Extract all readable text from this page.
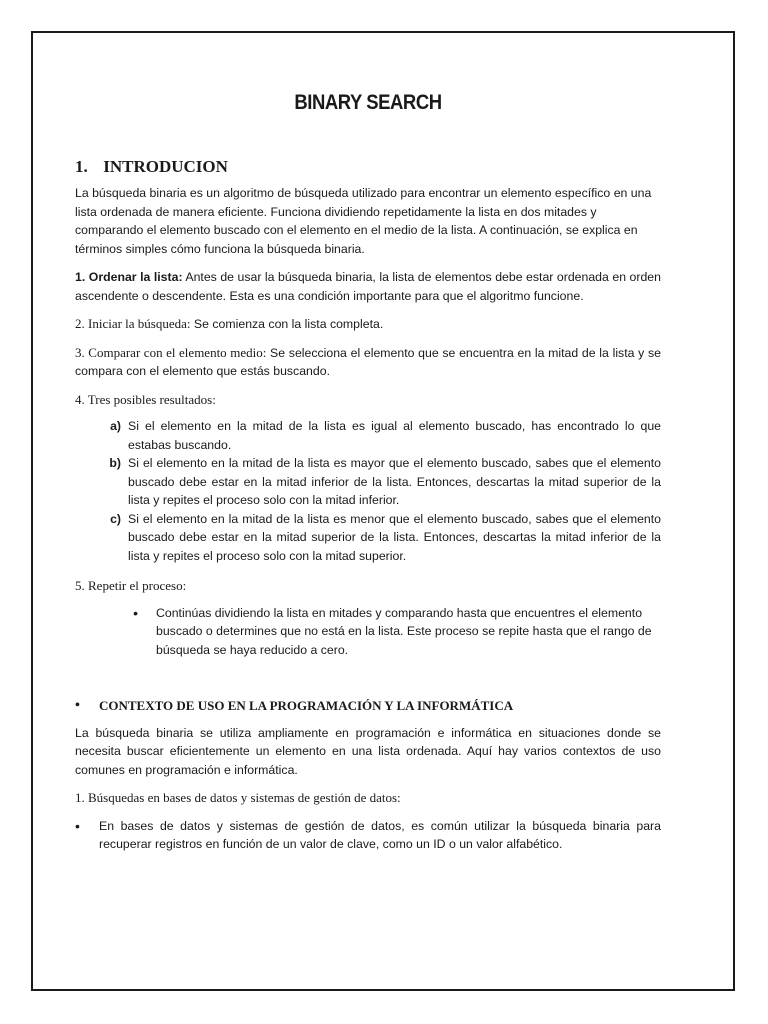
BINARY SEARCH
1. INTRODUCION

La búsqueda binaria es un algoritmo de búsqueda utilizado para encontrar un elemento específico en una lista ordenada de manera eficiente. Funciona dividiendo repetidamente la lista en dos mitades y comparando el elemento buscado con el elemento en el medio de la lista. A continuación, se explica en términos simples cómo funciona la búsqueda binaria.

1. Ordenar la lista: Antes de usar la búsqueda binaria, la lista de elementos debe estar ordenada en orden ascendente o descendente. Esta es una condición importante para que el algoritmo funcione.

2. Iniciar la búsqueda: Se comienza con la lista completa.

3. Comparar con el elemento medio: Se selecciona el elemento que se encuentra en la mitad de la lista y se compara con el elemento que estás buscando.

4. Tres posibles resultados:

a) Si el elemento en la mitad de la lista es igual al elemento buscado, has encontrado lo que estabas buscando.
b) Si el elemento en la mitad de la lista es mayor que el elemento buscado, sabes que el elemento buscado debe estar en la mitad inferior de la lista. Entonces, descartas la mitad superior de la lista y repites el proceso solo con la mitad inferior.
c) Si el elemento en la mitad de la lista es menor que el elemento buscado, sabes que el elemento buscado debe estar en la mitad superior de la lista. Entonces, descartas la mitad inferior de la lista y repites el proceso solo con la mitad superior.

5. Repetir el proceso:

•	Continúas dividiendo la lista en mitades y comparando hasta que encuentres el elemento buscado o determines que no está en la lista. Este proceso se repite hasta que el rango de búsqueda se haya reducido a cero.
•	CONTEXTO DE USO EN LA PROGRAMACIÓN Y LA INFORMÁTICA

La búsqueda binaria se utiliza ampliamente en programación e informática en situaciones donde se necesita buscar eficientemente un elemento en una lista ordenada. Aquí hay varios contextos de uso comunes en programación e informática.

1. Búsquedas en bases de datos y sistemas de gestión de datos:

•	En bases de datos y sistemas de gestión de datos, es común utilizar la búsqueda binaria para recuperar registros en función de un valor de clave, como un ID o un valor alfabético.
